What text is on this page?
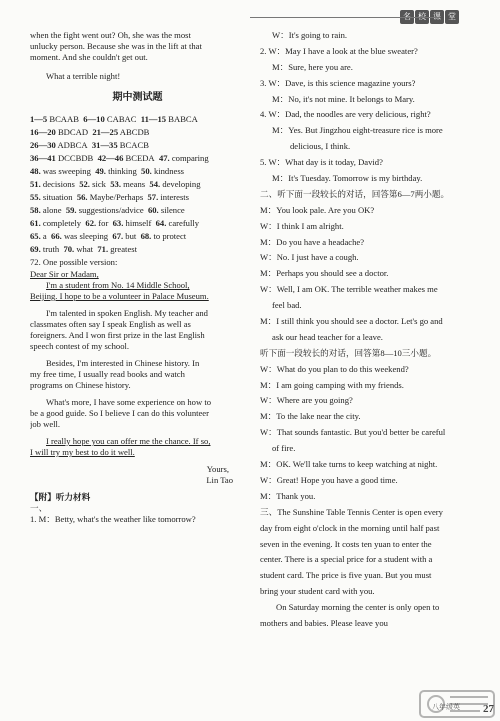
名 校 课 堂

when the fight went out? Oh, she was the most

unlucky person. Because she was in the lift at that

moment. And she couldn't get out.

What a terrible night!

期中测试题

1—5 BCAAB 6—10 CABAC 11—15 BABCA

16—20 BDCAD 21—25 ABCDB

26—30 ADBCA 31—35 BCACB

36—41 DCCBDB 42—46 BCEDA 47. comparing

48. was sweeping 49. thinking 50. kindness

51. decisions 52. sick 53. means 54. developing

55. situation 56. Maybe/Perhaps 57. interests

58. alone 59. suggestions/advice 60. silence

61. completely 62. for 63. himself 64. carefully

65. a 66. was sleeping 67. but 68. to protect

69. truth 70. what 71. greatest

72. One possible version:

Dear Sir or Madam,

I'm a student from No. 14 Middle School,

Beijing. I hope to be a volunteer in Palace Museum.

I'm talented in spoken English. My teacher and

classmates often say I speak English as well as

foreigners. And I won first prize in the last English

speech contest of my school.

Besides, I'm interested in Chinese history. In

my free time, I usually read books and watch

programs on Chinese history.

What's more, I have some experience on how to

be a good guide. So I believe I can do this volunteer

job well.

I really hope you can offer me the chance. If so,

I will try my best to do it well.

Yours,

Lin Tao

【附】听力材料

一、

1. M：Betty, what's the weather like tomorrow?

W：It's going to rain.

2. W：May I have a look at the blue sweater?

M：Sure, here you are.

3. W：Dave, is this science magazine yours?

M：No, it's not mine. It belongs to Mary.

4. W：Dad, the noodles are very delicious, right?

M：Yes. But Jingzhou eight-treasure rice is more

delicious, I think.

5. W：What day is it today, David?

M：It's Tuesday. Tomorrow is my birthday.

二、听下面一段较长的对话，回答第6—7两小题。

M：You look pale. Are you OK?

W：I think I am alright.

M：Do you have a headache?

W：No. I just have a cough.

M：Perhaps you should see a doctor.

W：Well, I am OK. The terrible weather makes me

feel bad.

M：I still think you should see a doctor. Let's go and

ask our head teacher for a leave.

听下面一段较长的对话，回答第8—10三小题。

W：What do you plan to do this weekend?

M：I am going camping with my friends.

W：Where are you going?

M：To the lake near the city.

W：That sounds fantastic. But you'd better be careful

of fire.

M：OK. We'll take turns to keep watching at night.

W：Great! Hope you have a good time.

M：Thank you.

三、The Sunshine Table Tennis Center is open every

day from eight o'clock in the morning until half past

seven in the evening. It costs ten yuan to enter the

center. There is a special price for a student with a

student card. The price is five yuan. But you must

bring your student card with you.

On Saturday morning the center is only open to

mothers and babies. Please leave you

八年级英 27
